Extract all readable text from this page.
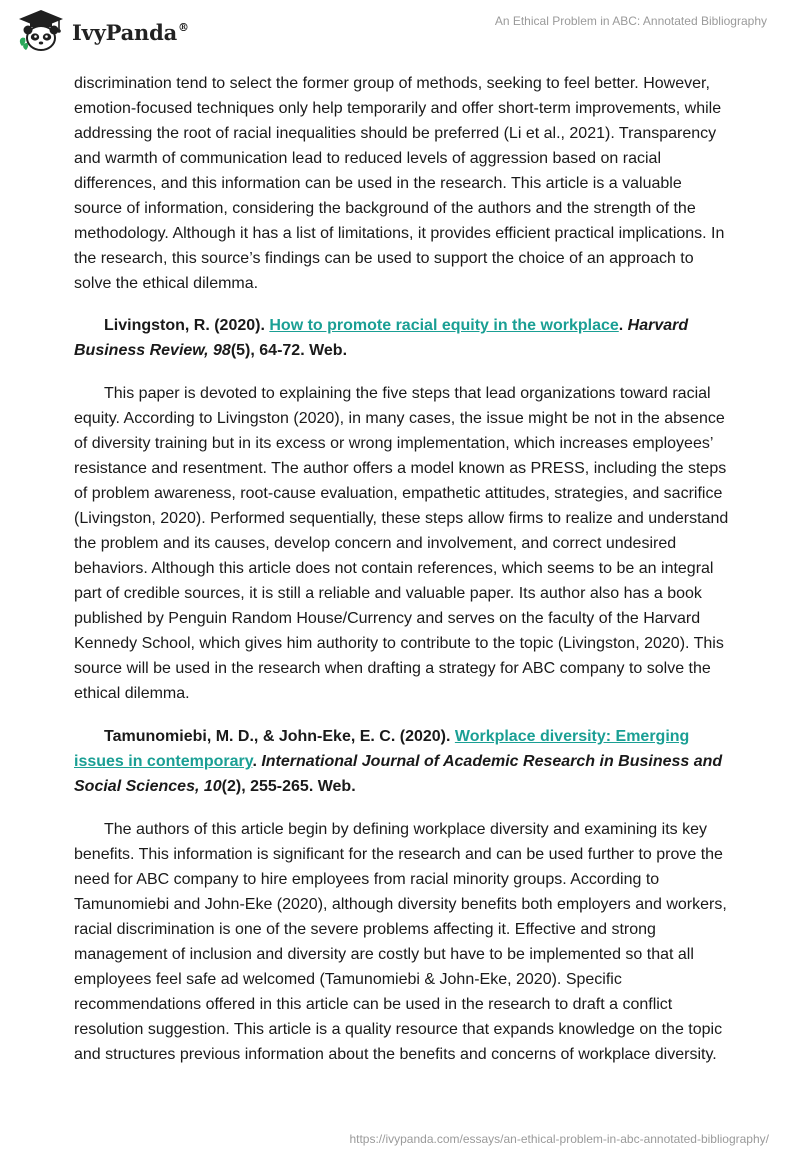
IvyPanda®	An Ethical Problem in ABC: Annotated Bibliography

discrimination tend to select the former group of methods, seeking to feel better. However, emotion-focused techniques only help temporarily and offer short-term improvements, while addressing the root of racial inequalities should be preferred (Li et al., 2021). Transparency and warmth of communication lead to reduced levels of aggression based on racial differences, and this information can be used in the research. This article is a valuable source of information, considering the background of the authors and the strength of the methodology. Although it has a list of limitations, it provides efficient practical implications. In the research, this source’s findings can be used to support the choice of an approach to solve the ethical dilemma.

Livingston, R. (2020). How to promote racial equity in the workplace. Harvard Business Review, 98(5), 64-72. Web.

This paper is devoted to explaining the five steps that lead organizations toward racial equity. According to Livingston (2020), in many cases, the issue might be not in the absence of diversity training but in its excess or wrong implementation, which increases employees’ resistance and resentment. The author offers a model known as PRESS, including the steps of problem awareness, root-cause evaluation, empathetic attitudes, strategies, and sacrifice (Livingston, 2020). Performed sequentially, these steps allow firms to realize and understand the problem and its causes, develop concern and involvement, and correct undesired behaviors. Although this article does not contain references, which seems to be an integral part of credible sources, it is still a reliable and valuable paper. Its author also has a book published by Penguin Random House/Currency and serves on the faculty of the Harvard Kennedy School, which gives him authority to contribute to the topic (Livingston, 2020). This source will be used in the research when drafting a strategy for ABC company to solve the ethical dilemma.

Tamunomiebi, M. D., & John-Eke, E. C. (2020). Workplace diversity: Emerging issues in contemporary. International Journal of Academic Research in Business and Social Sciences, 10(2), 255-265. Web.

The authors of this article begin by defining workplace diversity and examining its key benefits. This information is significant for the research and can be used further to prove the need for ABC company to hire employees from racial minority groups. According to Tamunomiebi and John-Eke (2020), although diversity benefits both employers and workers, racial discrimination is one of the severe problems affecting it. Effective and strong management of inclusion and diversity are costly but have to be implemented so that all employees feel safe ad welcomed (Tamunomiebi & John-Eke, 2020). Specific recommendations offered in this article can be used in the research to draft a conflict resolution suggestion. This article is a quality resource that expands knowledge on the topic and structures previous information about the benefits and concerns of workplace diversity.

https://ivypanda.com/essays/an-ethical-problem-in-abc-annotated-bibliography/
